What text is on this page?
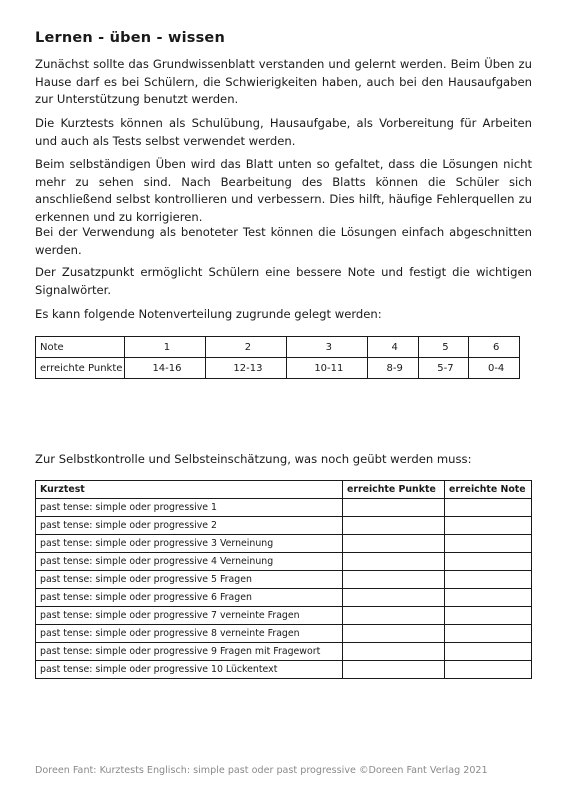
Lernen - üben - wissen

Zunächst sollte das Grundwissenblatt verstanden und gelernt werden. Beim Üben zu Hause darf es bei Schülern, die Schwierigkeiten haben, auch bei den Hausaufgaben zur Unterstützung benutzt werden.

Die Kurztests können als Schulübung, Hausaufgabe, als Vorbereitung für Arbeiten und auch als Tests selbst verwendet werden.

Beim selbständigen Üben wird das Blatt unten so gefaltet, dass die Lösungen nicht mehr zu sehen sind. Nach Bearbeitung des Blatts können die Schüler sich anschließend selbst kontrollieren und verbessern. Dies hilft, häufige Fehlerquellen zu erkennen und zu korrigieren.

Bei der Verwendung als benoteter Test können die Lösungen einfach abgeschnitten werden.

Der Zusatzpunkt ermöglicht Schülern eine bessere Note und festigt die wichtigen Signalwörter.

Es kann folgende Notenverteilung zugrunde gelegt werden:

Note	1	2	3	4	5	6
erreichte Punkte	14-16	12-13	10-11	8-9	5-7	0-4

Zur Selbstkontrolle und Selbsteinschätzung, was noch geübt werden muss:

Kurztest	erreichte Punkte	erreichte Note
past tense: simple oder progressive 1		
past tense: simple oder progressive 2		
past tense: simple oder progressive 3 Verneinung		
past tense: simple oder progressive 4 Verneinung		
past tense: simple oder progressive 5 Fragen		
past tense: simple oder progressive 6 Fragen		
past tense: simple oder progressive 7 verneinte Fragen		
past tense: simple oder progressive 8 verneinte Fragen		
past tense: simple oder progressive 9 Fragen mit Fragewort		
past tense: simple oder progressive 10 Lückentext		
Doreen Fant: Kurztests Englisch: simple past oder past progressive ©Doreen Fant Verlag 2021
